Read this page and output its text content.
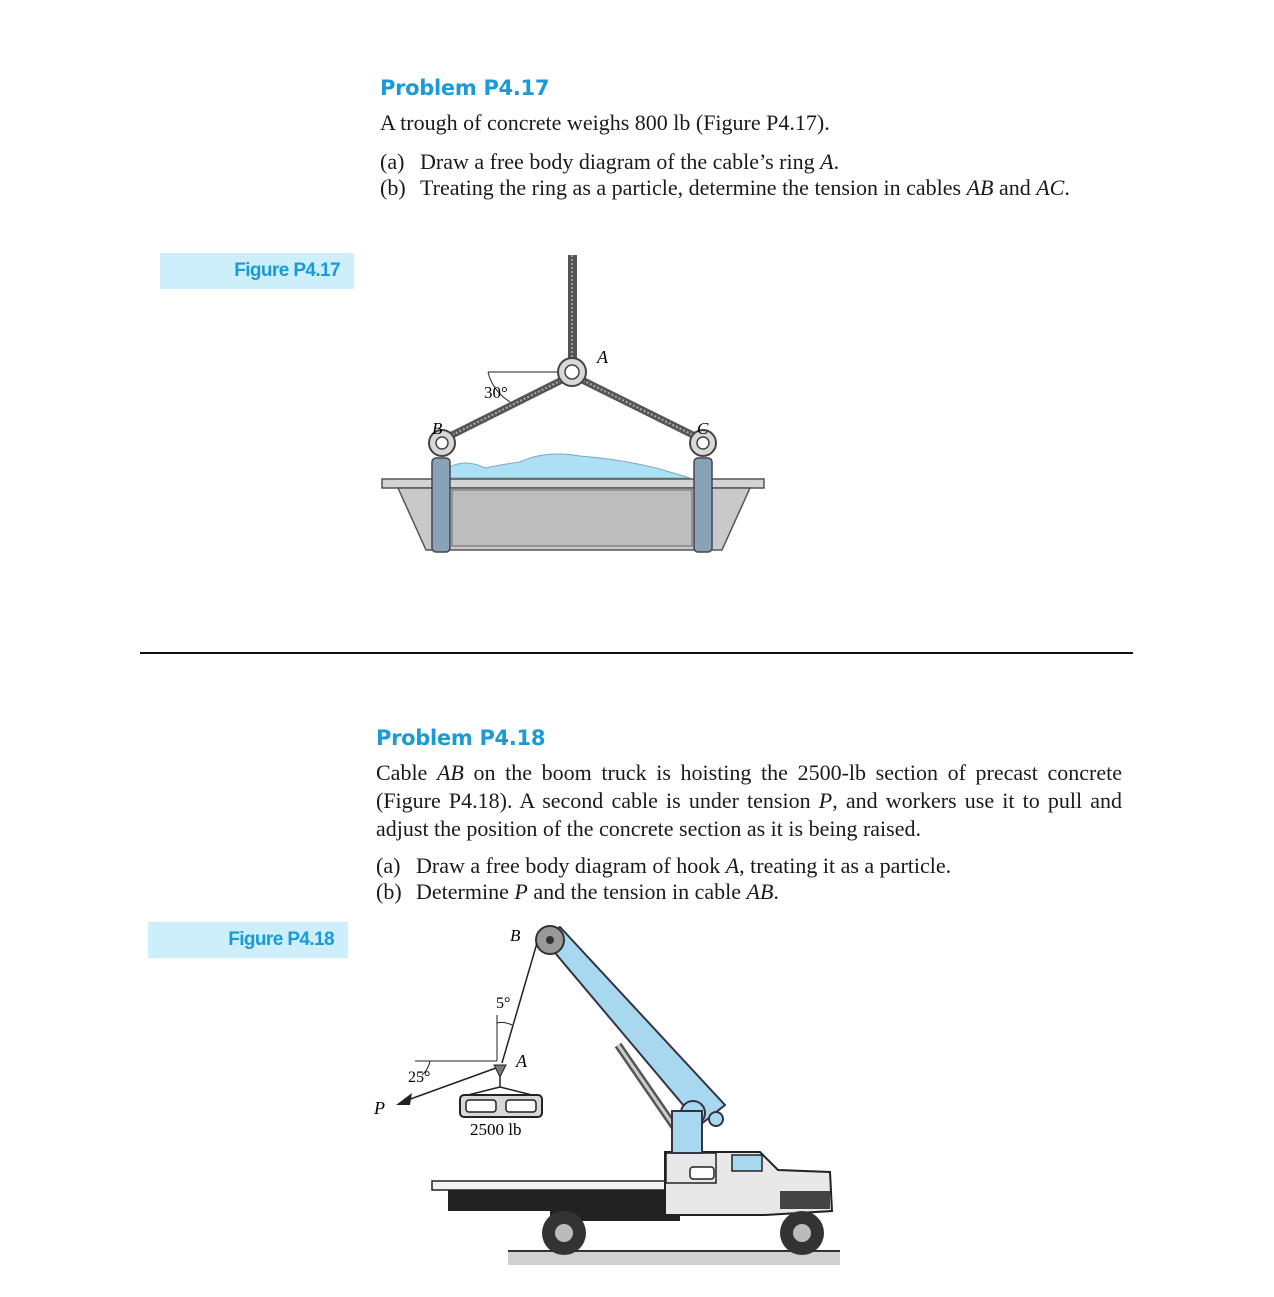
Problem P4.17
A trough of concrete weighs 800 lb (Figure P4.17).
(a) Draw a free body diagram of the cable’s ring A.
(b) Treating the ring as a particle, determine the tension in cables AB and AC.
Figure P4.17
30°
A
B	C
Problem P4.18
Cable AB on the boom truck is hoisting the 2500-lb section of precast concrete (Figure P4.18). A second cable is under tension P, and workers use it to pull and adjust the position of the concrete section as it is being raised.
(a) Draw a free body diagram of hook A, treating it as a particle.
(b) Determine P and the tension in cable AB.
Figure P4.18	B
5°
A
25°
P
2500 lb
